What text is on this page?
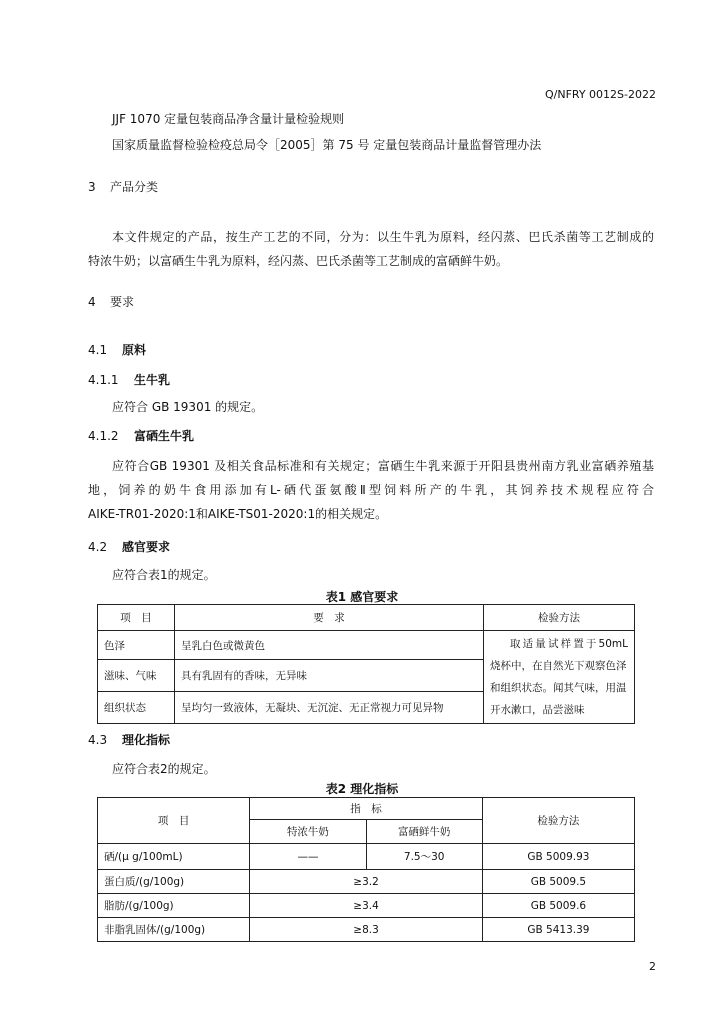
Q/NFRY 0012S-2022
JJF 1070 定量包装商品净含量计量检验规则
国家质量监督检验检疫总局令［2005］第 75 号 定量包装商品计量监督管理办法
3 产品分类
本文件规定的产品，按生产工艺的不同，分为：以生牛乳为原料，经闪蒸、巴氏杀菌等工艺制成的
特浓牛奶；以富硒生牛乳为原料，经闪蒸、巴氏杀菌等工艺制成的富硒鲜牛奶。
4 要求
4.1 原料
4.1.1 生牛乳
应符合 GB 19301 的规定。
4.1.2 富硒生牛乳
应符合GB 19301 及相关食品标准和有关规定；富硒生牛乳来源于开阳县贵州南方乳业富硒养殖基
地，饲养的奶牛食用添加有L-硒代蛋氨酸Ⅱ型饲料所产的牛乳，其饲养技术规程应符合
AIKE-TR01-2020:1和AIKE-TS01-2020:1的相关规定。
4.2 感官要求
应符合表1的规定。
表1 感官要求
项　目	要　求	检验方法
色泽	呈乳白色或微黄色	取适量试样置于50mL
烧杯中，在自然光下观察色泽
和组织状态。闻其气味，用温
开水漱口，品尝滋味

滋味、气味	具有乳固有的香味，无异味	
组织状态	呈均匀一致液体，无凝块、无沉淀、无正常视力可见异物	
4.3 理化指标
应符合表2的规定。
表2 理化指标
项　目	指　标		检验方法
	特浓牛奶	富硒鲜牛奶	
硒/(μ g/100mL)	——	7.5～30	GB 5009.93
蛋白质/(g/100g)	≥3.2		GB 5009.5
脂肪/(g/100g)	≥3.4		GB 5009.6
非脂乳固体/(g/100g)	≥8.3		GB 5413.39
2
